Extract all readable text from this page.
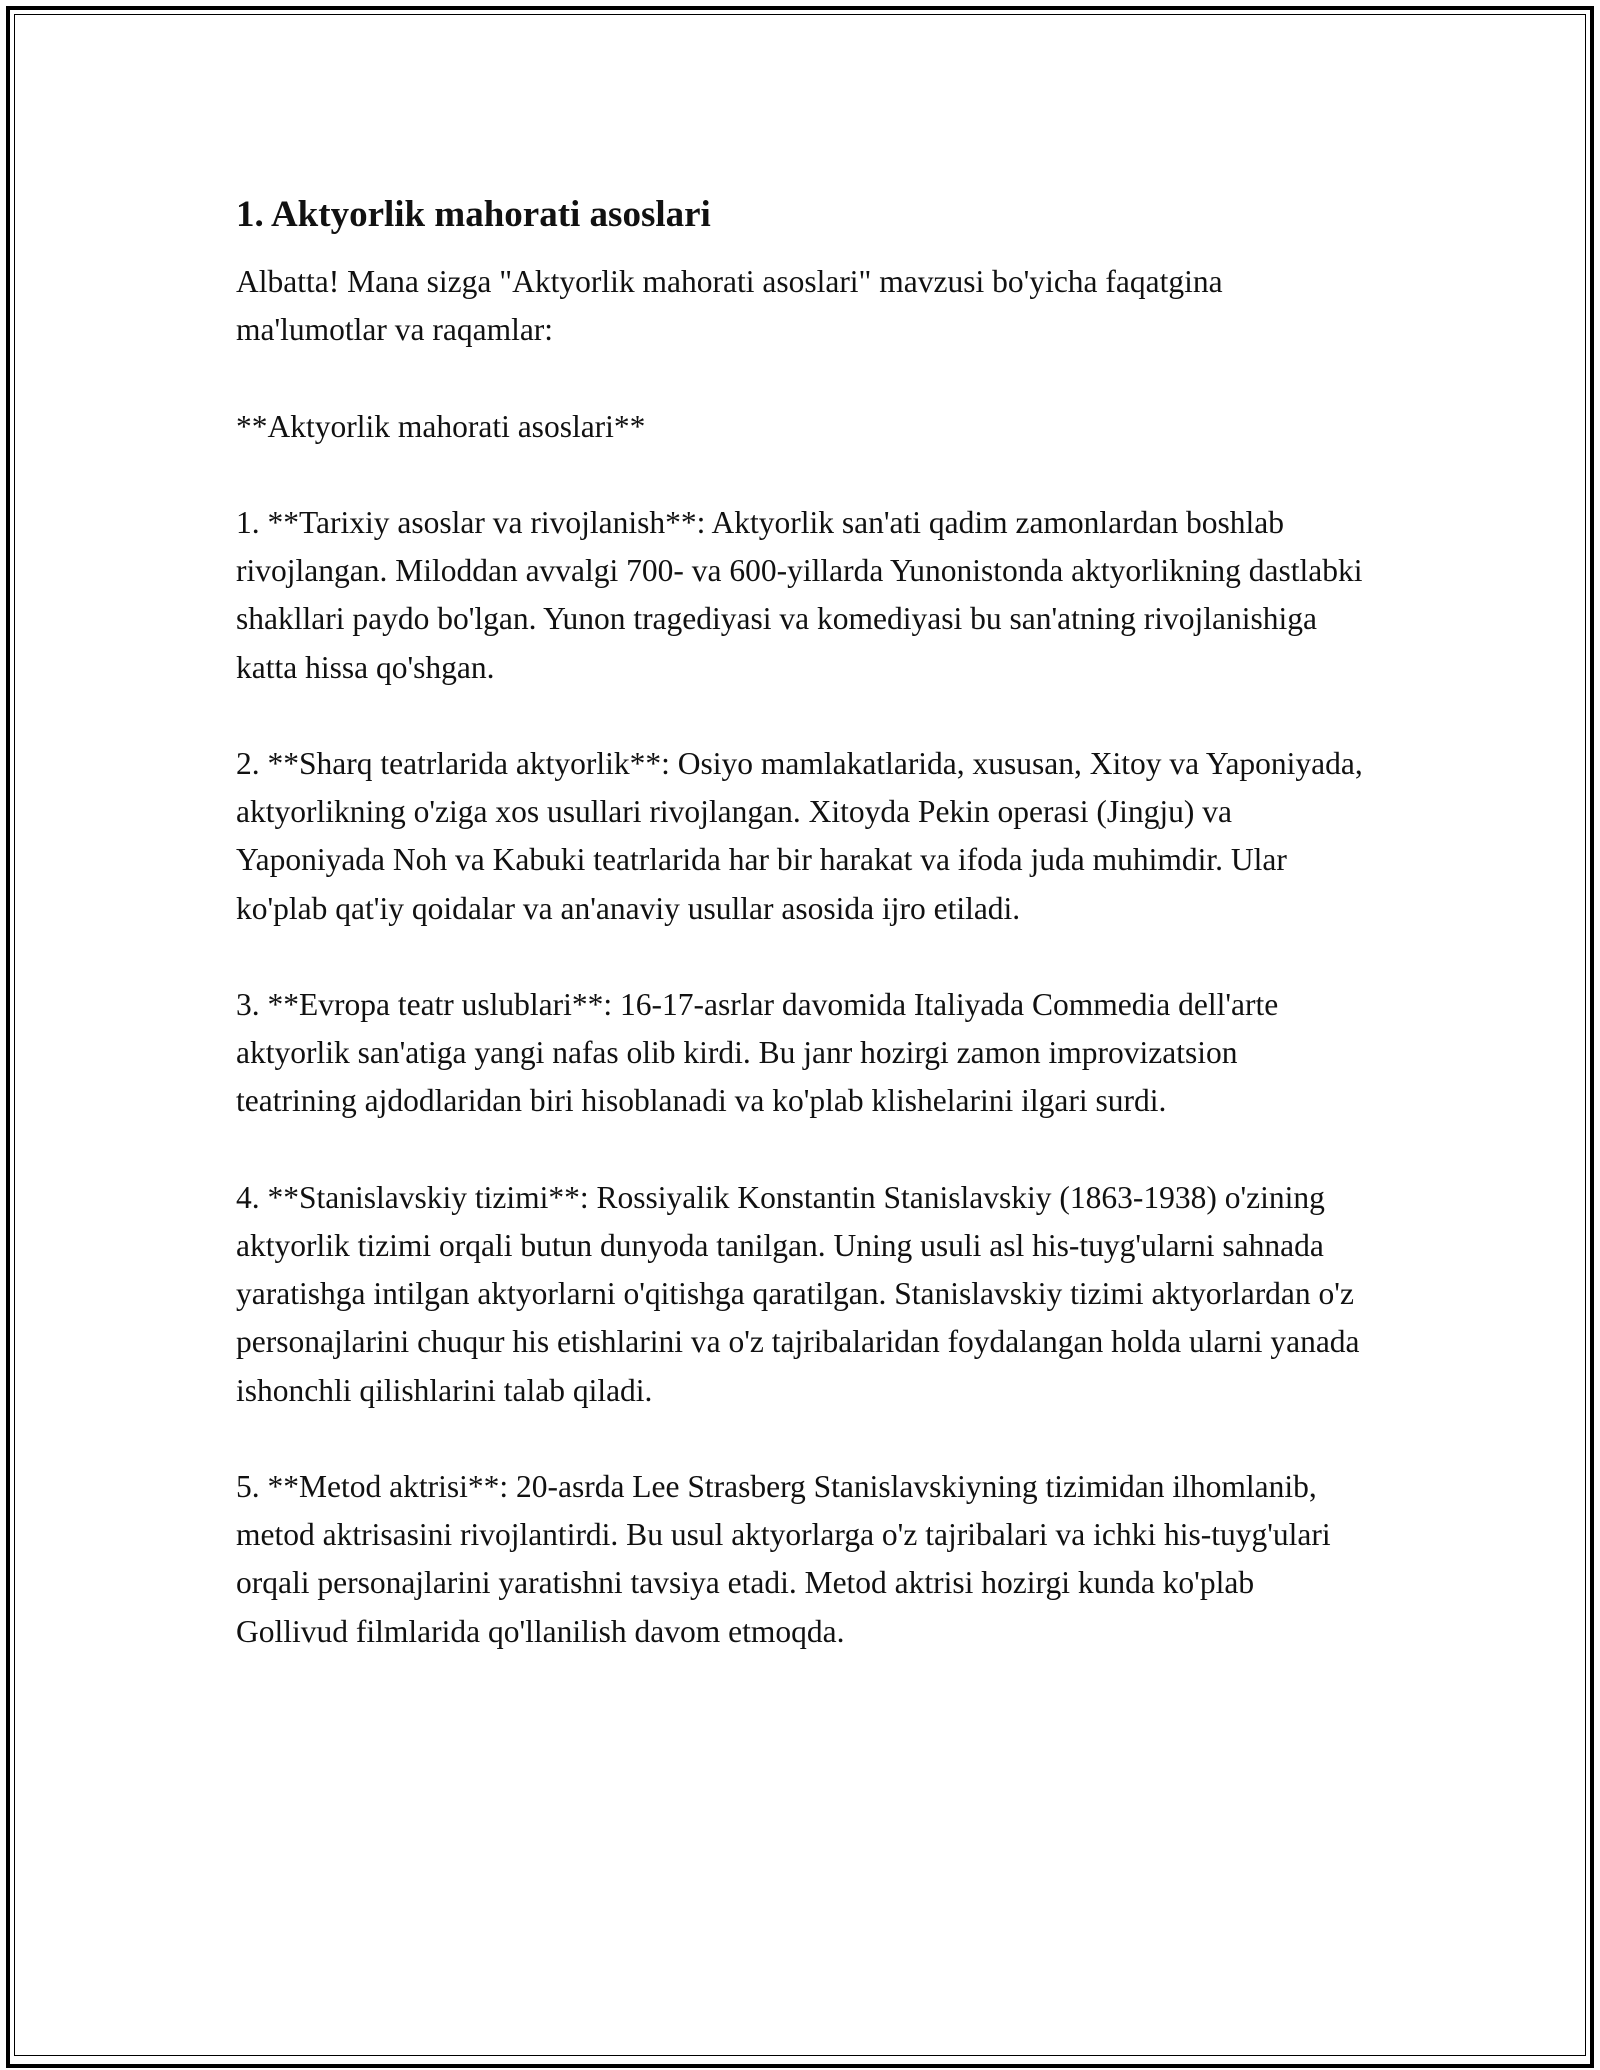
1. Aktyorlik mahorati asoslari

Albatta! Mana sizga "Aktyorlik mahorati asoslari" mavzusi bo'yicha faqatgina ma'lumotlar va raqamlar:

**Aktyorlik mahorati asoslari**

1. **Tarixiy asoslar va rivojlanish**: Aktyorlik san'ati qadim zamonlardan boshlab rivojlangan. Miloddan avvalgi 700- va 600-yillarda Yunonistonda aktyorlikning dastlabki shakllari paydo bo'lgan. Yunon tragediyasi va komediyasi bu san'atning rivojlanishiga katta hissa qo'shgan.

2. **Sharq teatrlarida aktyorlik**: Osiyo mamlakatlarida, xususan, Xitoy va Yaponiyada, aktyorlikning o'ziga xos usullari rivojlangan. Xitoyda Pekin operasi (Jingju) va Yaponiyada Noh va Kabuki teatrlarida har bir harakat va ifoda juda muhimdir. Ular ko'plab qat'iy qoidalar va an'anaviy usullar asosida ijro etiladi.

3. **Evropa teatr uslublari**: 16-17-asrlar davomida Italiyada Commedia dell'arte aktyorlik san'atiga yangi nafas olib kirdi. Bu janr hozirgi zamon improvizatsion teatrining ajdodlaridan biri hisoblanadi va ko'plab klishelarini ilgari surdi.

4. **Stanislavskiy tizimi**: Rossiyalik Konstantin Stanislavskiy (1863-1938) o'zining aktyorlik tizimi orqali butun dunyoda tanilgan. Uning usuli asl his-tuyg'ularni sahnada yaratishga intilgan aktyorlarni o'qitishga qaratilgan. Stanislavskiy tizimi aktyorlardan o'z personajlarini chuqur his etishlarini va o'z tajribalaridan foydalangan holda ularni yanada ishonchli qilishlarini talab qiladi.

5. **Metod aktrisi**: 20-asrda Lee Strasberg Stanislavskiyning tizimidan ilhomlanib, metod aktrisasini rivojlantirdi. Bu usul aktyorlarga o'z tajribalari va ichki his-tuyg'ulari orqali personajlarini yaratishni tavsiya etadi. Metod aktrisi hozirgi kunda ko'plab Gollivud filmlarida qo'llanilish davom etmoqda.
